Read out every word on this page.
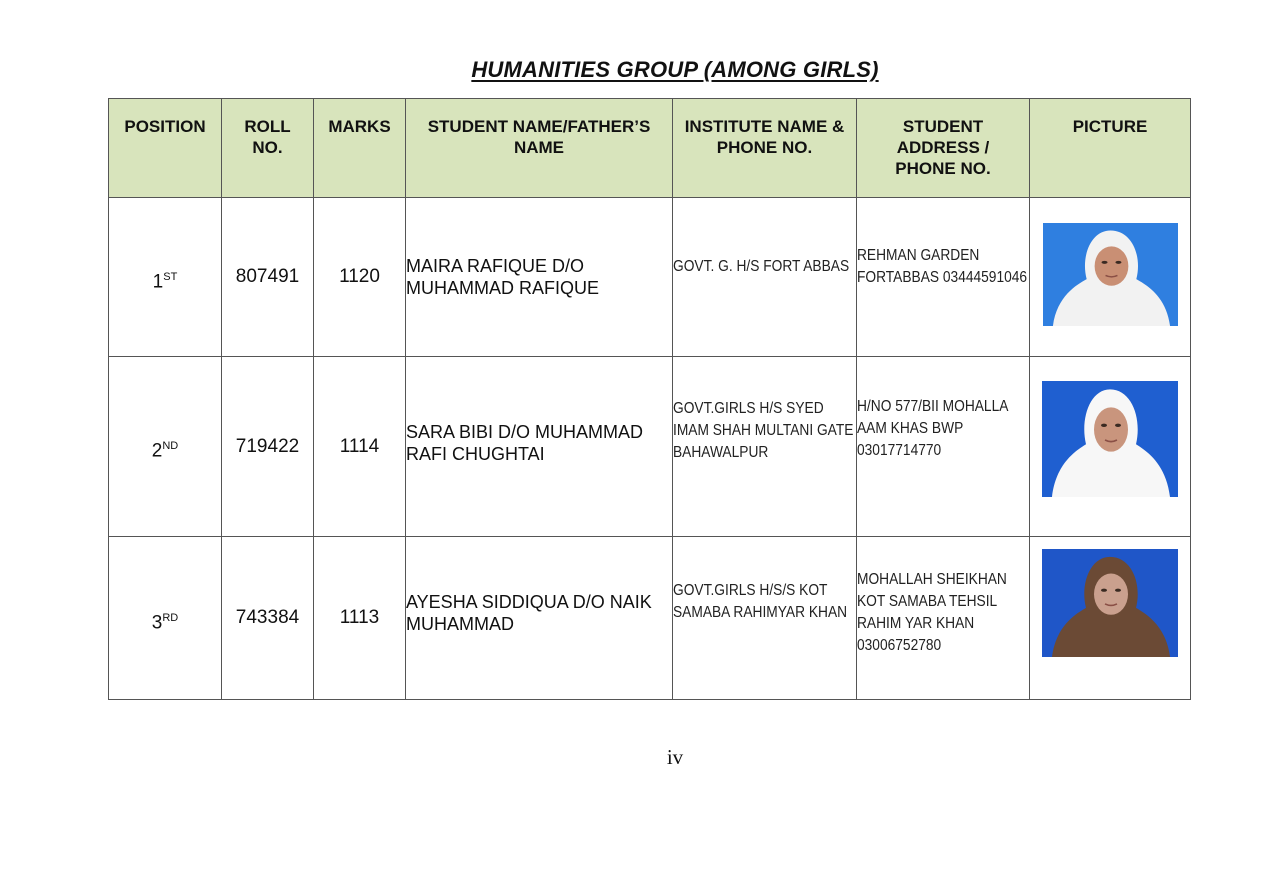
HUMANITIES GROUP (AMONG GIRLS)
POSITION	ROLL NO.	MARKS	STUDENT NAME/FATHER’S NAME	INSTITUTE NAME & PHONE NO.	STUDENT ADDRESS / PHONE NO.	PICTURE
1ST	807491	1120	MAIRA RAFIQUE D/O MUHAMMAD RAFIQUE	GOVT. G. H/S FORT ABBAS	REHMAN GARDEN FORTABBAS 03444591046

2ND	719422	1114	SARA BIBI D/O MUHAMMAD RAFI CHUGHTAI	GOVT.GIRLS H/S SYED IMAM SHAH MULTANI GATE BAHAWALPUR	H/NO 577/BII MOHALLA AAM KHAS BWP 03017714770

3RD	743384	1113	AYESHA SIDDIQUA D/O NAIK MUHAMMAD	GOVT.GIRLS H/S/S KOT SAMABA RAHIMYAR KHAN	MOHALLAH SHEIKHAN KOT SAMABA TEHSIL RAHIM YAR KHAN 03006752780

iv
